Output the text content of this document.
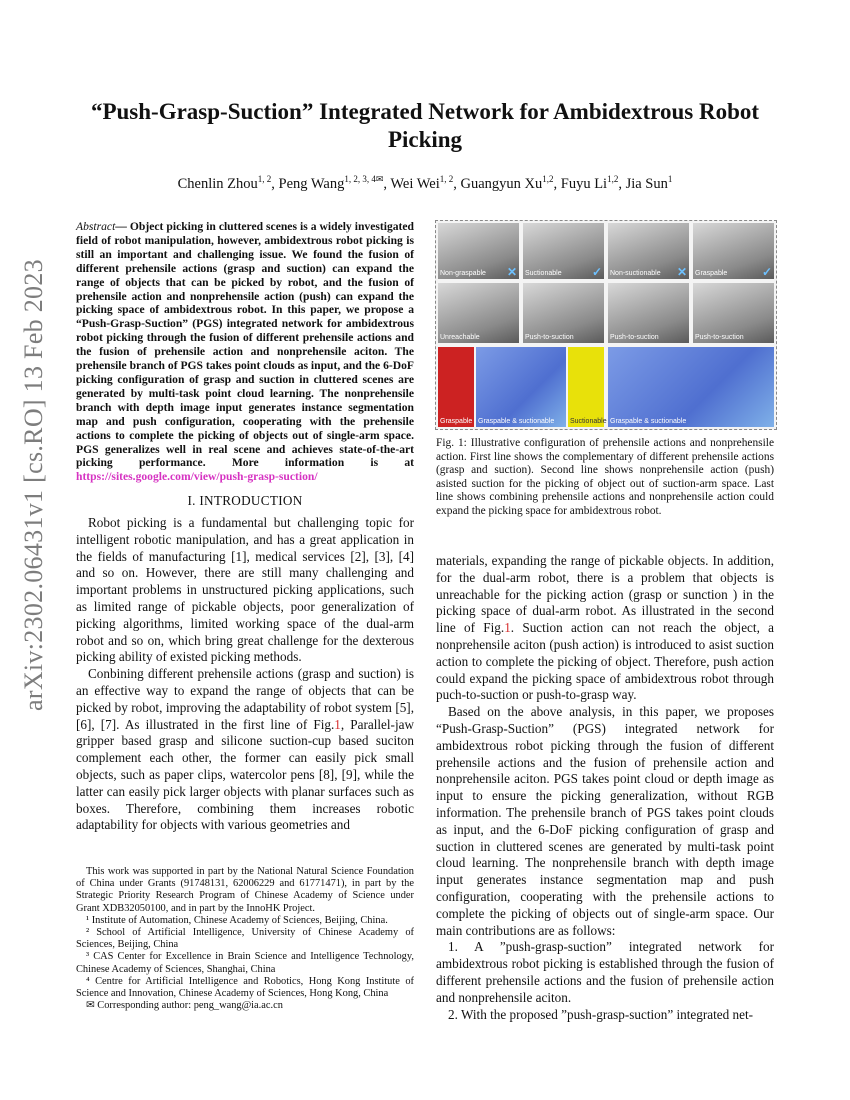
arXiv:2302.06431v1 [cs.RO] 13 Feb 2023
“Push-Grasp-Suction” Integrated Network for Ambidextrous Robot Picking
Chenlin Zhou$^{1, 2}$, Peng Wang$^{1, 2, 3, 4✉}$, Wei Wei$^{1, 2}$, Guangyun Xu$^{1,2}$, Fuyu Li$^{1,2}$, Jia Sun$^1$
Abstract— Object picking in cluttered scenes is a widely investigated field of robot manipulation, however, ambidextrous robot picking is still an important and challenging issue. We found the fusion of different prehensile actions (grasp and suction) can expand the range of objects that can be picked by robot, and the fusion of prehensile action and nonprehensile action (push) can expand the picking space of ambidextrous robot. In this paper, we propose a “Push-Grasp-Suction” (PGS) integrated network for ambidextrous robot picking through the fusion of different prehensile actions and the fusion of prehensile action and nonprehensile aciton. The prehensile branch of PGS takes point clouds as input, and the 6-DoF picking configuration of grasp and suction in cluttered scenes are generated by multi-task point cloud learning. The nonprehensile branch with depth image input generates instance segmentation map and push configuration, cooperating with the prehensile actions to complete the picking of objects out of single-arm space. PGS generalizes well in real scene and achieves state-of-the-art picking performance. More information is at https://sites.google.com/view/push-grasp-suction/
I. INTRODUCTION

Robot picking is a fundamental but challenging topic for intelligent robotic manipulation, and has a great application in the fields of manufacturing [1], medical services [2], [3], [4] and so on. However, there are still many challenging and important problems in unstructured picking applications, such as limited range of pickable objects, poor generalization of picking algorithms, limited working space of the dual-arm robot and so on, which bring great challenge for the dexterous picking ability of existed picking methods.

Conbining different prehensile actions (grasp and suction) is an effective way to expand the range of objects that can be picked by robot, improving the adaptability of robot system [5], [6], [7]. As illustrated in the first line of Fig.1, Parallel-jaw gripper based grasp and silicone suction-cup based suciton complement each other, the former can easily pick small objects, such as paper clips, watercolor pens [8], [9], while the latter can easily pick larger objects with planar surfaces such as boxes. Therefore, combining them increases robotic adaptability for objects with various geometries and

This work was supported in part by the National Natural Science Foundation of China under Grants (91748131, 62006229 and 61771471), in part by the Strategic Priority Research Program of Chinese Academy of Science under Grant XDB32050100, and in part by the InnoHK Project.
¹ Institute of Automation, Chinese Academy of Sciences, Beijing, China.
² School of Artificial Intelligence, University of Chinese Academy of Sciences, Beijing, China
³ CAS Center for Excellence in Brain Science and Intelligence Technology, Chinese Academy of Sciences, Shanghai, China
⁴ Centre for Artificial Intelligence and Robotics, Hong Kong Institute of Science and Innovation, Chinese Academy of Sciences, Hong Kong, China
✉ Corresponding author: peng_wang@ia.ac.cn
Non-graspable ✕ Suctionable	✓ Non-suctionable ✕ Graspable	✓
Unreachable	Push-to-suction	Push-to-suction	Push-to-suction
Graspable Graspable & suctionable Suctionable Graspable & suctionable
Fig. 1: Illustrative configuration of prehensile actions and nonprehensile action. First line shows the complementary of different prehensile actions (grasp and suction). Second line shows nonprehensile action (push) asisted suction for the picking of object out of suction-arm space. Last line shows combining prehensile actions and nonprehensile action could expand the picking space for ambidextrous robot.

materials, expanding the range of pickable objects. In addition, for the dual-arm robot, there is a problem that objects is unreachable for the picking action (grasp or sunction ) in the picking space of dual-arm robot. As illustrated in the second line of Fig.1. Suction action can not reach the object, a nonprehensile aciton (push action) is introduced to asist suction action to complete the picking of object. Therefore, push action could expand the picking space of ambidextrous robot through puch-to-suction or push-to-grasp way.

Based on the above analysis, in this paper, we proposes “Push-Grasp-Suction” (PGS) integrated network for ambidextrous robot picking through the fusion of different prehensile actions and the fusion of prehensile action and nonprehensile aciton. PGS takes point cloud or depth image as input to ensure the picking generalization, without RGB information. The prehensile branch of PGS takes point clouds as input, and the 6-DoF picking configuration of grasp and suction in cluttered scenes are generated by multi-task point cloud learning. The nonprehensile branch with depth image input generates instance segmentation map and push configuration, cooperating with the prehensile actions to complete the picking of objects out of single-arm space. Our main contributions are as follows:

1. A ”push-grasp-suction” integrated network for ambidextrous robot picking is established through the fusion of different prehensile actions and the fusion of prehensile action and nonprehensile aciton.

2. With the proposed ”push-grasp-suction” integrated net-
